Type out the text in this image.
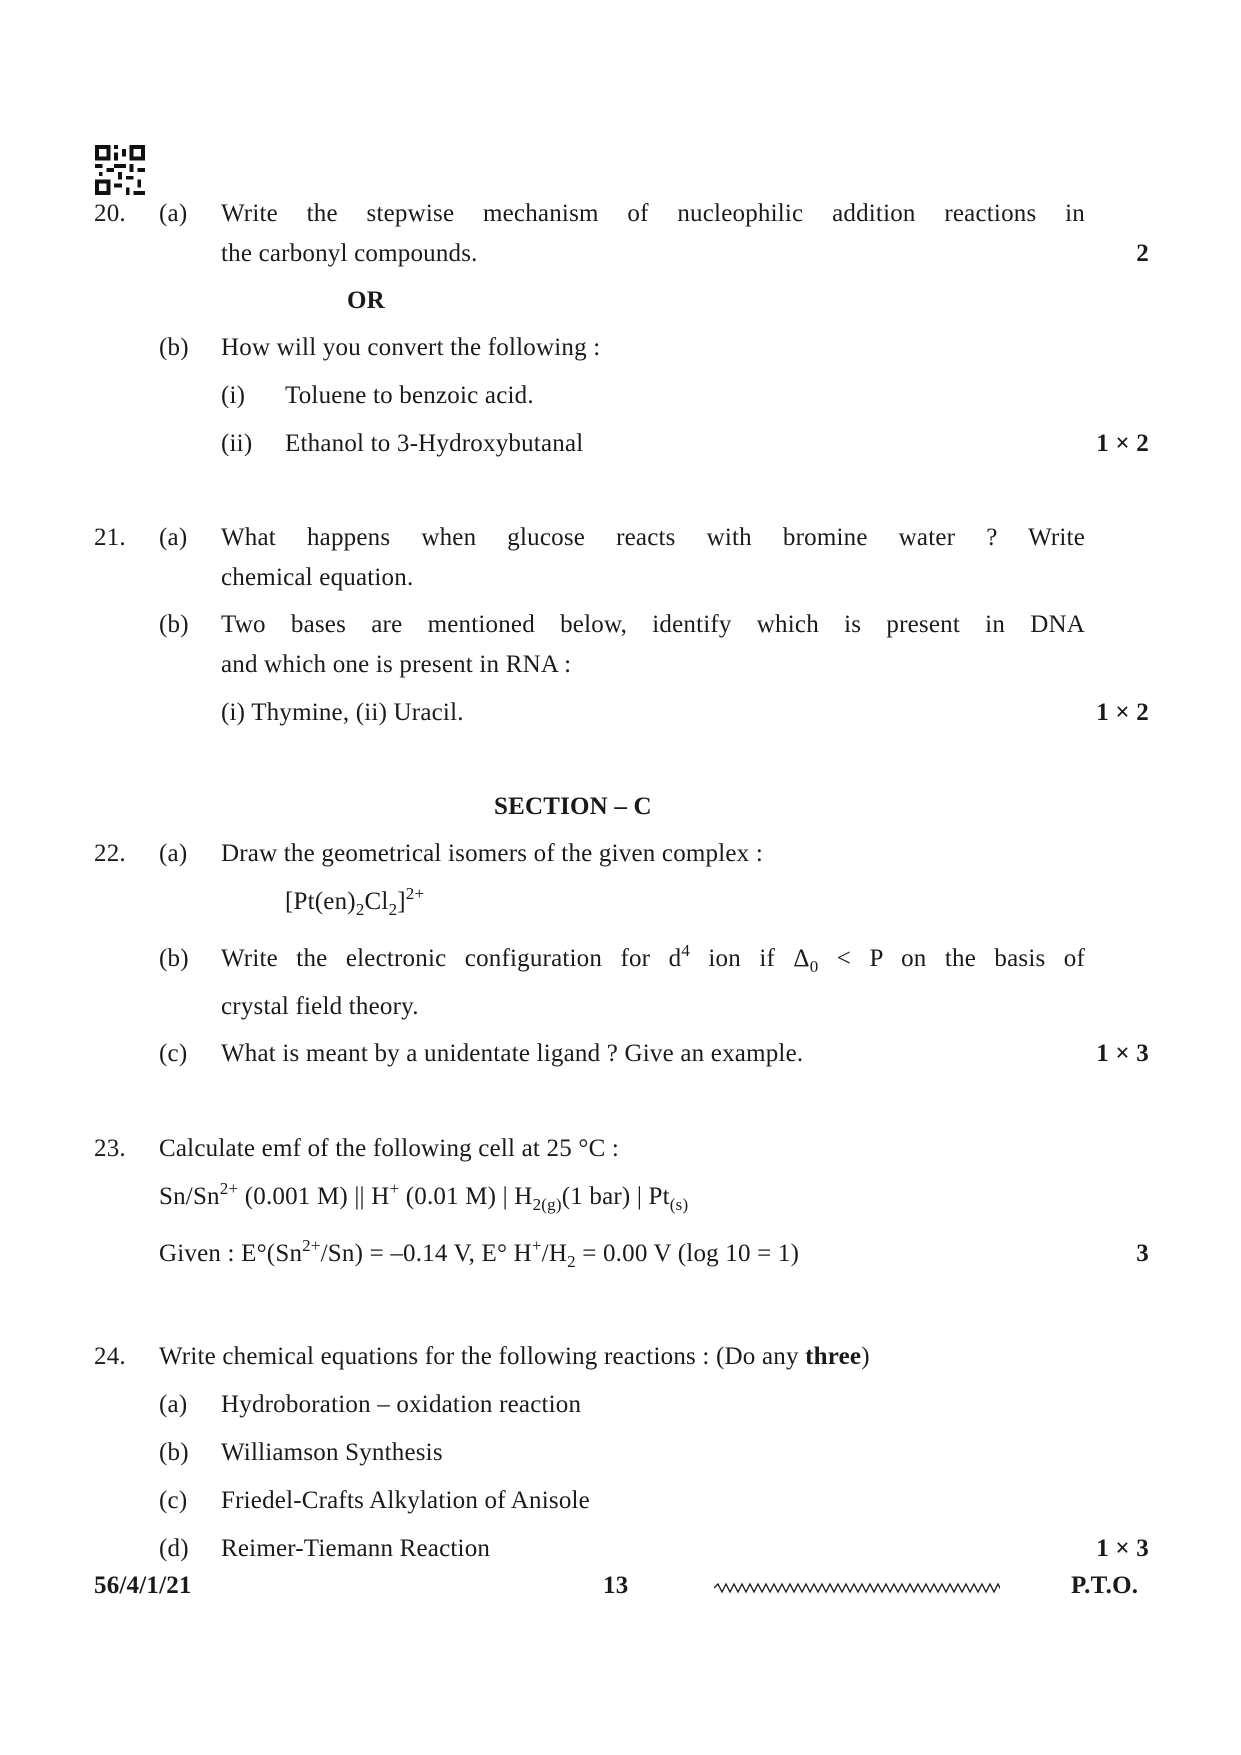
20. (a) Write the stepwise mechanism of nucleophilic addition reactions in
the carbonyl compounds.	2
OR
(b) How will you convert the following :
(i) Toluene to benzoic acid.
(ii) Ethanol to 3-Hydroxybutanal	1 × 2
21. (a) What happens when glucose reacts with bromine water ? Write
chemical equation.
(b) Two bases are mentioned below, identify which is present in DNA
and which one is present in RNA :
(i) Thymine, (ii) Uracil.	1 × 2
SECTION – C
22. (a) Draw the geometrical isomers of the given complex :
$[Pt(en)_2Cl_2]^{2+}$
(b) Write the electronic configuration for $d^4$ ion if $\Delta_0 < P$ on the basis of
crystal field theory.
(c) What is meant by a unidentate ligand ? Give an example.	1 × 3
23. Calculate emf of the following cell at 25 °C :
$Sn/Sn^{2+}$ (0.001 M) || H+ (0.01 M) | $H_{2(g)}(1$ bar) | $Pt_{(s)}$
Given : $E^\circ(Sn^{2+}/Sn) = -0.14$ V, E° $H^+/H_2 = 0.00$ V (log 10 = 1)	3
24. Write chemical equations for the following reactions : (Do any three)
(a) Hydroboration – oxidation reaction
(b) Williamson Synthesis
(c) Friedel-Crafts Alkylation of Anisole
(d) Reimer-Tiemann Reaction	1 × 3
56/4/1/21	13	P.T.O.
